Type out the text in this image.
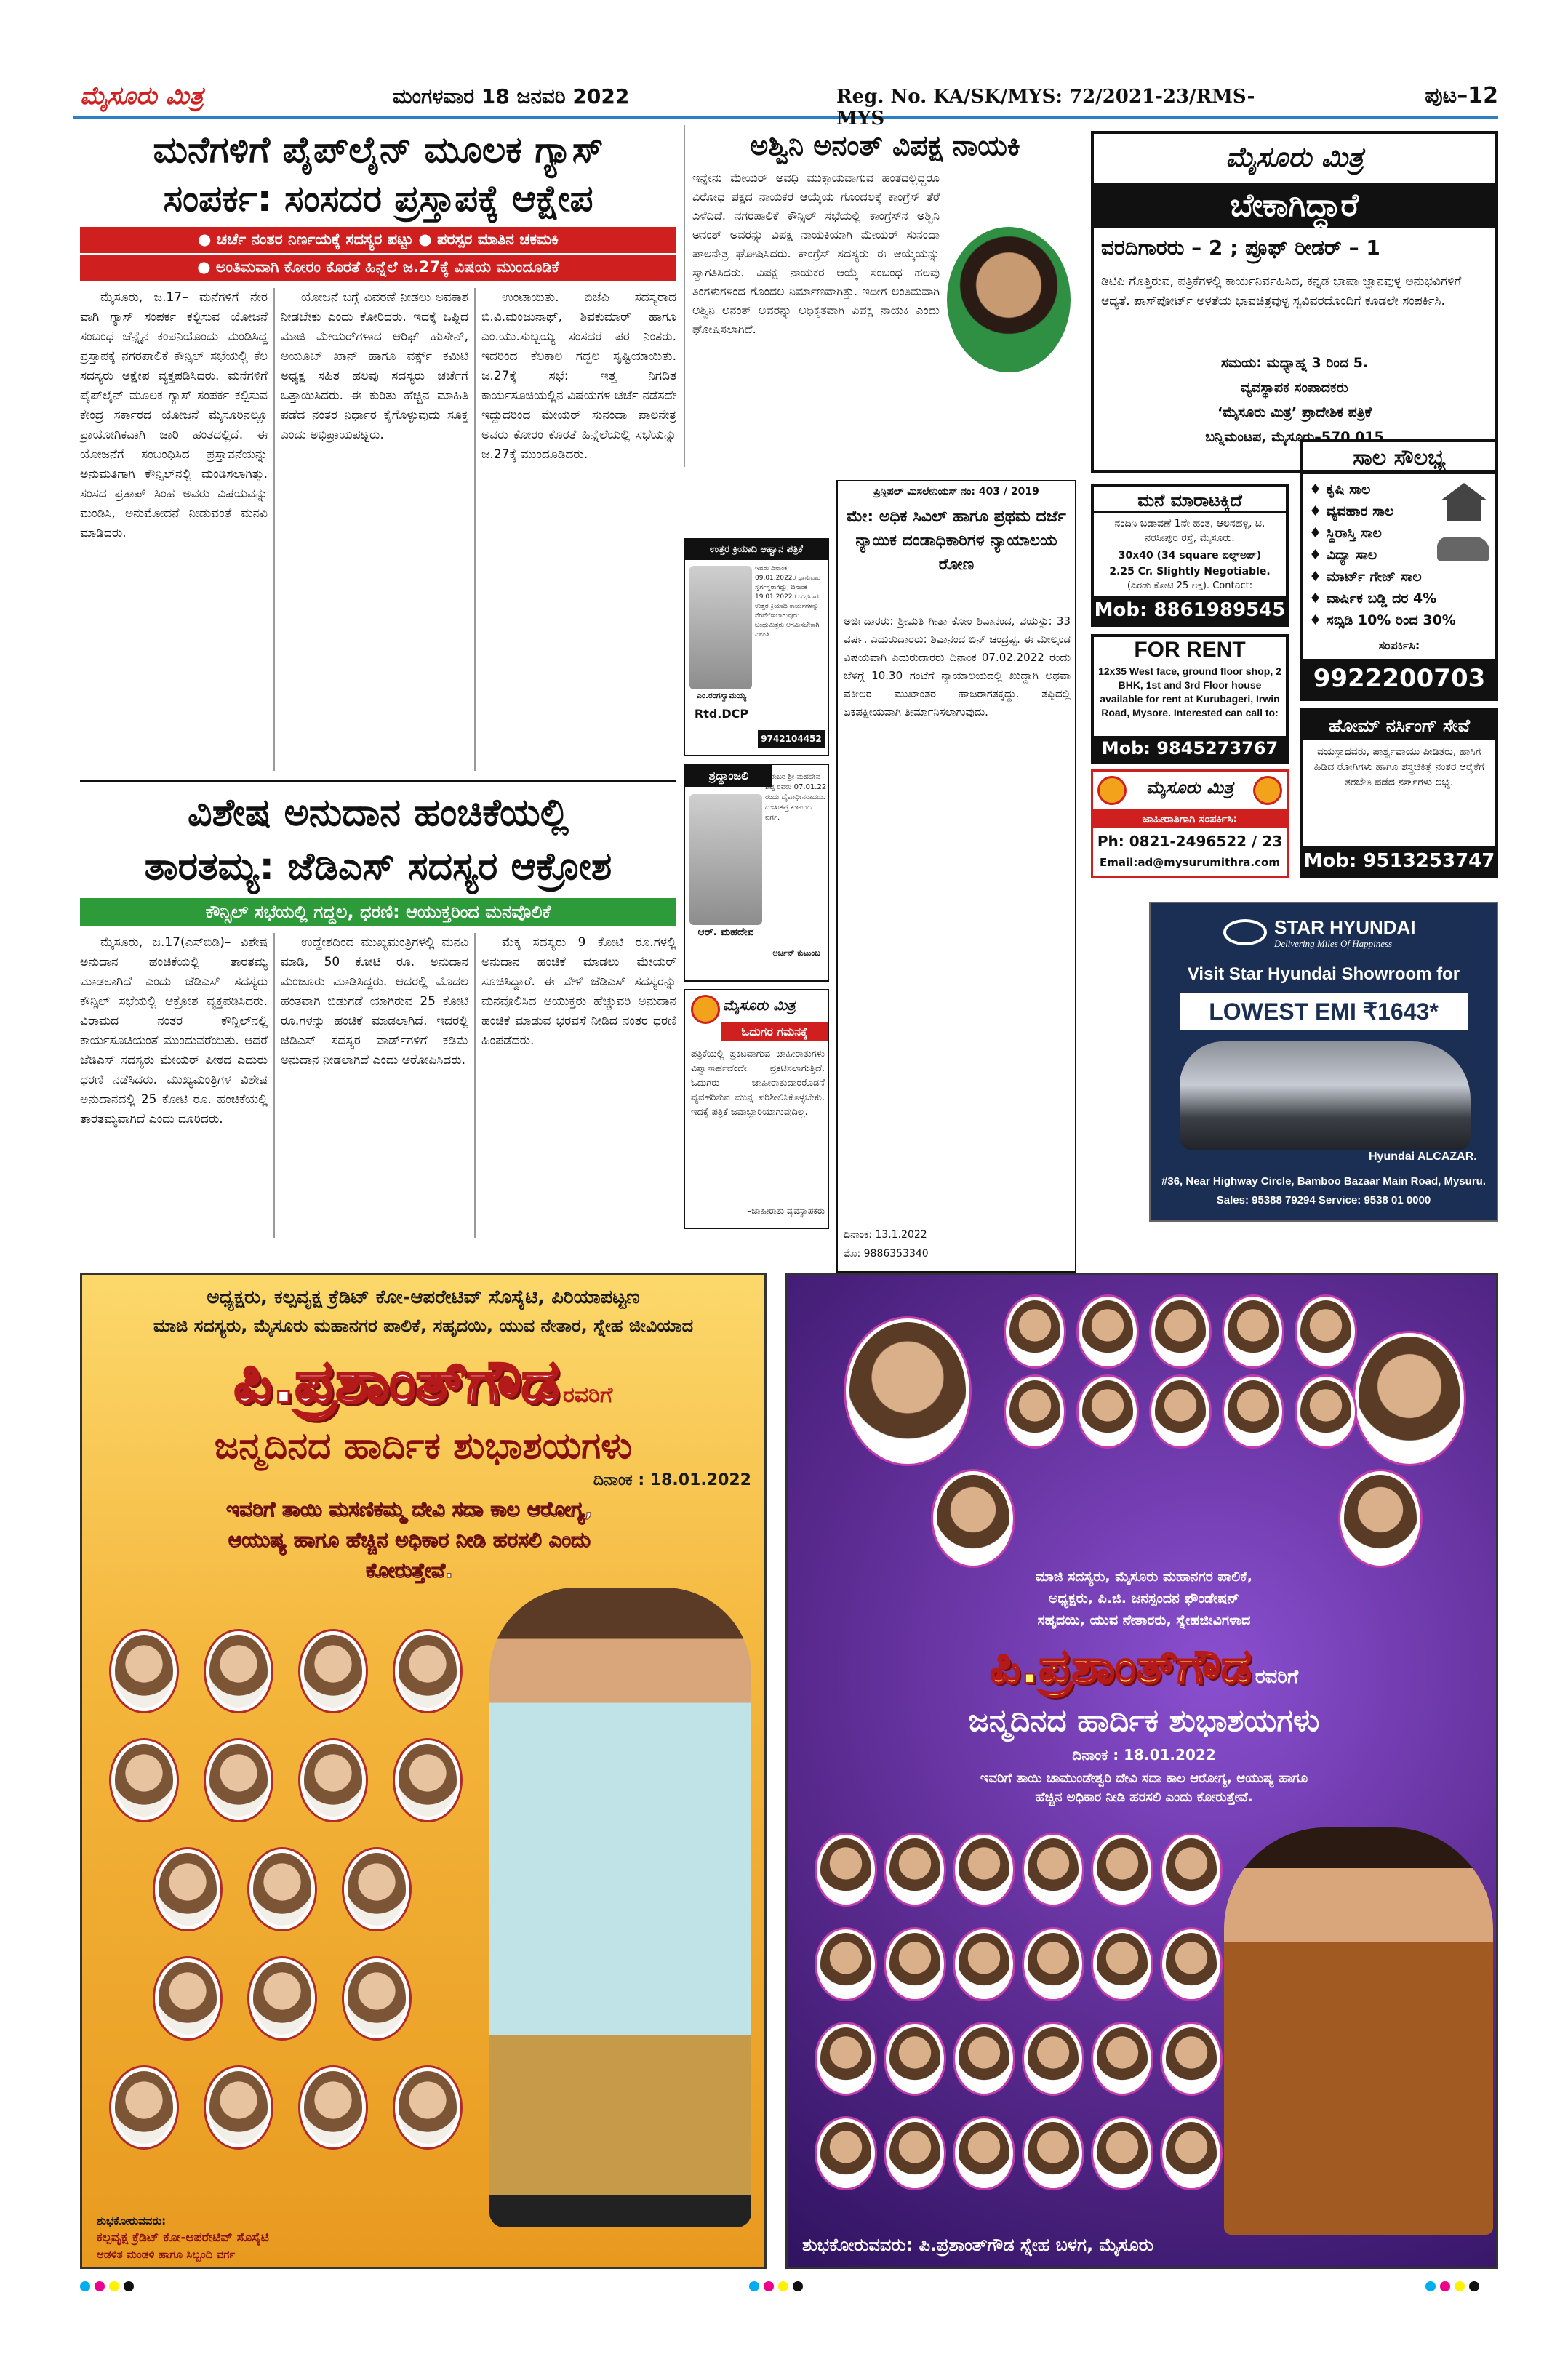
ಮೈಸೂರು ಮಿತ್ರ	ಮಂಗಳವಾರ 18 ಜನವರಿ 2022	Reg. No. KA/SK/MYS: 72/2021-23/RMS-MYS
ಪುಟ–12
ಮನೆಗಳಿಗೆ ಪೈಪ್‌ಲೈನ್ ಮೂಲಕ ಗ್ಯಾಸ್
ಸಂಪರ್ಕ: ಸಂಸದರ ಪ್ರಸ್ತಾಪಕ್ಕೆ ಆಕ್ಷೇಪ
● ಚರ್ಚೆ ನಂತರ ನಿರ್ಣಯಕ್ಕೆ ಸದಸ್ಯರ ಪಟ್ಟು ● ಪರಸ್ಪರ ಮಾತಿನ ಚಕಮಕಿ
● ಅಂತಿಮವಾಗಿ ಕೋರಂ ಕೊರತೆ ಹಿನ್ನೆಲೆ ಜ.27ಕ್ಕೆ ವಿಷಯ ಮುಂದೂಡಿಕೆ

ಮೈಸೂರು, ಜ.17– ಮನೆಗಳಿಗೆ ನೇರ ವಾಗಿ ಗ್ಯಾಸ್ ಸಂಪರ್ಕ ಕಲ್ಪಿಸುವ ಯೋಜನೆ ಸಂಬಂಧ ಚೆನ್ನೈನ ಕಂಪನಿಯೊಂದು ಮಂಡಿಸಿದ್ದ ಪ್ರಸ್ತಾಪಕ್ಕೆ ನಗರಪಾಲಿಕೆ ಕೌನ್ಸಿಲ್ ಸಭೆಯಲ್ಲಿ ಕೆಲ ಸದಸ್ಯರು ಆಕ್ಷೇಪ ವ್ಯಕ್ತಪಡಿಸಿದರು. ಮನೆಗಳಿಗೆ ಪೈಪ್‌ಲೈನ್ ಮೂಲಕ ಗ್ಯಾಸ್ ಸಂಪರ್ಕ ಕಲ್ಪಿಸುವ ಕೇಂದ್ರ ಸರ್ಕಾರದ ಯೋಜನೆ ಮೈಸೂರಿನಲ್ಲೂ ಪ್ರಾಯೋಗಿಕವಾಗಿ ಜಾರಿ ಹಂತದಲ್ಲಿದೆ. ಈ ಯೋಜನೆಗೆ ಸಂಬಂಧಿಸಿದ ಪ್ರಸ್ತಾವನೆಯನ್ನು ಅನುಮತಿಗಾಗಿ ಕೌನ್ಸಿಲ್‌ನಲ್ಲಿ ಮಂಡಿಸಲಾಗಿತ್ತು. ಸಂಸದ ಪ್ರತಾಪ್ ಸಿಂಹ ಅವರು ವಿಷಯವನ್ನು ಮಂಡಿಸಿ, ಅನುಮೋದನೆ ನೀಡುವಂತೆ ಮನವಿ ಮಾಡಿದರು.

ಯೋಜನೆ ಬಗ್ಗೆ ವಿವರಣೆ ನೀಡಲು ಅವಕಾಶ ನೀಡಬೇಕು ಎಂದು ಕೋರಿದರು. ಇದಕ್ಕೆ ಒಪ್ಪಿದ ಮಾಜಿ ಮೇಯರ್‌ಗಳಾದ ಆರಿಫ್ ಹುಸೇನ್, ಅಯೂಬ್ ಖಾನ್ ಹಾಗೂ ವರ್ಕ್ಸ್ ಕಮಿಟಿ ಅಧ್ಯಕ್ಷ ಸಹಿತ ಹಲವು ಸದಸ್ಯರು ಚರ್ಚೆಗೆ ಒತ್ತಾಯಿಸಿದರು. ಈ ಕುರಿತು ಹೆಚ್ಚಿನ ಮಾಹಿತಿ ಪಡೆದ ನಂತರ ನಿರ್ಧಾರ ಕೈಗೊಳ್ಳುವುದು ಸೂಕ್ತ ಎಂದು ಅಭಿಪ್ರಾಯಪಟ್ಟರು.

ಉಂಟಾಯಿತು. ಬಿಜೆಪಿ ಸದಸ್ಯರಾದ ಬಿ.ವಿ.ಮಂಜುನಾಥ್, ಶಿವಕುಮಾರ್ ಹಾಗೂ ಎಂ.ಯು.ಸುಬ್ಬಯ್ಯ ಸಂಸದರ ಪರ ನಿಂತರು. ಇದರಿಂದ ಕೆಲಕಾಲ ಗದ್ದಲ ಸೃಷ್ಟಿಯಾಯಿತು. ಜ.27ಕ್ಕೆ ಸಭೆ: ಇತ್ತ ನಿಗದಿತ ಕಾರ್ಯಸೂಚಿಯಲ್ಲಿನ ವಿಷಯಗಳ ಚರ್ಚೆ ನಡೆಸದೇ ಇದ್ದುದರಿಂದ ಮೇಯರ್ ಸುನಂದಾ ಪಾಲನೇತ್ರ ಅವರು ಕೋರಂ ಕೊರತೆ ಹಿನ್ನೆಲೆಯಲ್ಲಿ ಸಭೆಯನ್ನು ಜ.27ಕ್ಕೆ ಮುಂದೂಡಿದರು.

ವಿಶೇಷ ಅನುದಾನ ಹಂಚಿಕೆಯಲ್ಲಿ
ತಾರತಮ್ಯ: ಜೆಡಿಎಸ್ ಸದಸ್ಯರ ಆಕ್ರೋಶ
ಕೌನ್ಸಿಲ್ ಸಭೆಯಲ್ಲಿ ಗದ್ದಲ, ಧರಣಿ: ಆಯುಕ್ತರಿಂದ ಮನವೊಲಿಕೆ

ಮೈಸೂರು, ಜ.17(ಎಸ್‌ಬಿಡಿ)– ವಿಶೇಷ ಅನುದಾನ ಹಂಚಿಕೆಯಲ್ಲಿ ತಾರತಮ್ಯ ಮಾಡಲಾಗಿದೆ ಎಂದು ಜೆಡಿಎಸ್ ಸದಸ್ಯರು ಕೌನ್ಸಿಲ್ ಸಭೆಯಲ್ಲಿ ಆಕ್ರೋಶ ವ್ಯಕ್ತಪಡಿಸಿದರು. ವಿರಾಮದ ನಂತರ ಕೌನ್ಸಿಲ್‌ನಲ್ಲಿ ಕಾರ್ಯಸೂಚಿಯಂತೆ ಮುಂದುವರೆಯಿತು. ಆದರೆ ಜೆಡಿಎಸ್ ಸದಸ್ಯರು ಮೇಯರ್ ಪೀಠದ ಎದುರು ಧರಣಿ ನಡೆಸಿದರು. ಮುಖ್ಯಮಂತ್ರಿಗಳ ವಿಶೇಷ ಅನುದಾನದಲ್ಲಿ 25 ಕೋಟಿ ರೂ. ಹಂಚಿಕೆಯಲ್ಲಿ ತಾರತಮ್ಯವಾಗಿದೆ ಎಂದು ದೂರಿದರು.

ಉದ್ದೇಶದಿಂದ ಮುಖ್ಯಮಂತ್ರಿಗಳಲ್ಲಿ ಮನವಿ ಮಾಡಿ, 50 ಕೋಟಿ ರೂ. ಅನುದಾನ ಮಂಜೂರು ಮಾಡಿಸಿದ್ದರು. ಆದರಲ್ಲಿ ಮೊದಲ ಹಂತವಾಗಿ ಬಿಡುಗಡೆ ಯಾಗಿರುವ 25 ಕೋಟಿ ರೂ.ಗಳನ್ನು ಹಂಚಿಕೆ ಮಾಡಲಾಗಿದೆ. ಇದರಲ್ಲಿ ಜೆಡಿಎಸ್ ಸದಸ್ಯರ ವಾರ್ಡ್‌ಗಳಿಗೆ ಕಡಿಮೆ ಅನುದಾನ ನೀಡಲಾಗಿದೆ ಎಂದು ಆರೋಪಿಸಿದರು.

ಮೆಕ್ಕ ಸದಸ್ಯರು 9 ಕೋಟಿ ರೂ.ಗಳಲ್ಲಿ ಅನುದಾನ ಹಂಚಿಕೆ ಮಾಡಲು ಮೇಯರ್ ಸೂಚಿಸಿದ್ದಾರೆ. ಈ ವೇಳೆ ಜೆಡಿಎಸ್ ಸದಸ್ಯರನ್ನು ಮನವೊಲಿಸಿದ ಆಯುಕ್ತರು ಹೆಚ್ಚುವರಿ ಅನುದಾನ ಹಂಚಿಕೆ ಮಾಡುವ ಭರವಸೆ ನೀಡಿದ ನಂತರ ಧರಣಿ ಹಿಂಪಡೆದರು.

ಅಶ್ವಿನಿ ಅನಂತ್ ವಿಪಕ್ಷ ನಾಯಕಿ
ಇನ್ನೇನು ಮೇಯರ್ ಅವಧಿ ಮುಕ್ತಾಯವಾಗುವ ಹಂತದಲ್ಲಿದ್ದರೂ ವಿರೋಧ ಪಕ್ಷದ ನಾಯಕರ ಆಯ್ಕೆಯ ಗೊಂದಲಕ್ಕೆ ಕಾಂಗ್ರೆಸ್ ತೆರೆ ಎಳೆದಿದೆ. ನಗರಪಾಲಿಕೆ ಕೌನ್ಸಿಲ್ ಸಭೆಯಲ್ಲಿ ಕಾಂಗ್ರೆಸ್‌ನ ಅಶ್ವಿನಿ ಅನಂತ್ ಅವರನ್ನು ವಿಪಕ್ಷ ನಾಯಕಿಯಾಗಿ ಮೇಯರ್ ಸುನಂದಾ ಪಾಲನೇತ್ರ ಘೋಷಿಸಿದರು. ಕಾಂಗ್ರೆಸ್ ಸದಸ್ಯರು ಈ ಆಯ್ಕೆಯನ್ನು ಸ್ವಾಗತಿಸಿದರು. ವಿಪಕ್ಷ ನಾಯಕರ ಆಯ್ಕೆ ಸಂಬಂಧ ಹಲವು ತಿಂಗಳುಗಳಿಂದ ಗೊಂದಲ ನಿರ್ಮಾಣವಾಗಿತ್ತು. ಇದೀಗ ಅಂತಿಮವಾಗಿ ಅಶ್ವಿನಿ ಅನಂತ್ ಅವರನ್ನು ಅಧಿಕೃತವಾಗಿ ವಿಪಕ್ಷ ನಾಯಕಿ ಎಂದು ಘೋಷಿಸಲಾಗಿದೆ.
ಮೈಸೂರು ಮಿತ್ರ
ಬೇಕಾಗಿದ್ದಾರೆ
ವರದಿಗಾರರು – 2 ; ಪ್ರೂಫ್ ರೀಡರ್ – 1
ಡಿಟಿಪಿ ಗೊತ್ತಿರುವ, ಪತ್ರಿಕೆಗಳಲ್ಲಿ ಕಾರ್ಯನಿರ್ವಹಿಸಿದ, ಕನ್ನಡ ಭಾಷಾ ಜ್ಞಾನವುಳ್ಳ ಅನುಭವಿಗಳಿಗೆ ಆದ್ಯತೆ. ಪಾಸ್‌ಪೋರ್ಟ್ ಅಳತೆಯ ಭಾವಚಿತ್ರವುಳ್ಳ ಸ್ವವಿವರದೊಂದಿಗೆ ಕೂಡಲೇ ಸಂಪರ್ಕಿಸಿ.
ಸಮಯ: ಮಧ್ಯಾಹ್ನ 3 ರಿಂದ 5.
ವ್ಯವಸ್ಥಾಪಕ ಸಂಪಾದಕರು
‘ಮೈಸೂರು ಮಿತ್ರ’ ಪ್ರಾದೇಶಿಕ ಪತ್ರಿಕೆ
ಬನ್ನಿಮಂಟಪ, ಮೈಸೂರು–570 015
ಮನೆ ಮಾರಾಟಕ್ಕಿದೆ
ನಂದಿನಿ ಬಡಾವಣೆ 1ನೇ ಹಂತ, ಆಲನಹಳ್ಳಿ, ಟಿ. ನರಸೀಪುರ ರಸ್ತೆ, ಮೈಸೂರು.
30x40 (34 square ಬಿಲ್ಡ್‌ಅಪ್)
2.25 Cr. Slightly Negotiable.
(ಎರಡು ಕೋಟಿ 25 ಲಕ್ಷ). Contact:
Mob: 8861989545
ಸಾಲ ಸೌಲಭ್ಯ
♦ ಕೃಷಿ ಸಾಲ
♦ ವ್ಯವಹಾರ ಸಾಲ
♦ ಸ್ಥಿರಾಸ್ತಿ ಸಾಲ
♦ ವಿದ್ಯಾ ಸಾಲ
♦ ಮಾರ್ಟ್ ಗೇಜ್ ಸಾಲ
♦ ವಾರ್ಷಿಕ ಬಡ್ಡಿ ದರ 4%
♦ ಸಬ್ಸಿಡಿ 10% ರಿಂದ 30%
ಸಂಪರ್ಕಿಸಿ:
9922200703
FOR RENT
12x35 West face, ground floor shop, 2 BHK, 1st and 3rd Floor house available for rent at Kurubageri, Irwin Road, Mysore. Interested can call to:
Mob: 9845273767
ಮೈಸೂರು ಮಿತ್ರ
ಜಾಹೀರಾತಿಗಾಗಿ ಸಂಪರ್ಕಿಸಿ:
Ph: 0821-2496522 / 23
Email:ad@mysurumithra.com
ಹೋಮ್ ನರ್ಸಿಂಗ್ ಸೇವೆ
ವಯಸ್ಸಾದವರು, ಪಾರ್ಶ್ವವಾಯು ಪೀಡಿತರು, ಹಾಸಿಗೆ ಹಿಡಿದ ರೋಗಿಗಳು ಹಾಗೂ ಶಸ್ತ್ರಚಿಕಿತ್ಸೆ ನಂತರ ಆರೈಕೆಗೆ ತರಬೇತಿ ಪಡೆದ ನರ್ಸ್‌ಗಳು ಲಭ್ಯ.
Mob: 9513253747
STAR HYUNDAI
Delivering Miles Of Happiness
Visit Star Hyundai Showroom for
LOWEST EMI ₹1643*
Hyundai ALCAZAR.
#36, Near Highway Circle, Bamboo Bazaar Main Road, Mysuru.
Sales: 95388 79294 Service: 9538 01 0000
ಪ್ರಿನ್ಸಿಪಲ್ ಮಿಸಲೇನಿಯಸ್ ನಂ: 403 / 2019
ಮೇ: ಅಧಿಕ ಸಿವಿಲ್ ಹಾಗೂ ಪ್ರಥಮ ದರ್ಜೆ ನ್ಯಾಯಿಕ ದಂಡಾಧಿಕಾರಿಗಳ ನ್ಯಾಯಾಲಯ ರೋಣ
ಅರ್ಜಿದಾರರು: ಶ್ರೀಮತಿ ಗೀತಾ ಕೋಂ ಶಿವಾನಂದ, ವಯಸ್ಸು: 33 ವರ್ಷ. ಎದುರುದಾರರು: ಶಿವಾನಂದ ಬಿನ್ ಚಂದ್ರಪ್ಪ. ಈ ಮೇಲ್ಕಂಡ ವಿಷಯವಾಗಿ ಎದುರುದಾರರು ದಿನಾಂಕ 07.02.2022 ರಂದು ಬೆಳಿಗ್ಗೆ 10.30 ಗಂಟೆಗೆ ನ್ಯಾಯಾಲಯದಲ್ಲಿ ಖುದ್ದಾಗಿ ಅಥವಾ ವಕೀಲರ ಮುಖಾಂತರ ಹಾಜರಾಗತಕ್ಕದ್ದು. ತಪ್ಪಿದಲ್ಲಿ ಏಕಪಕ್ಷೀಯವಾಗಿ ತೀರ್ಮಾನಿಸಲಾಗುವುದು.
ದಿನಾಂಕ: 13.1.2022
ಮೊ: 9886353340
ಉತ್ತರ ಕ್ರಿಯಾದಿ ಆಹ್ವಾನ ಪತ್ರಿಕೆ
ಇವರು ದಿನಾಂಕ 09.01.2022ರ ಭಾನುವಾರ ಸ್ವರ್ಗಸ್ಥರಾಗಿದ್ದು, ದಿನಾಂಕ 19.01.2022ರ ಬುಧವಾರ ಉತ್ತರ ಕ್ರಿಯಾದಿ ಕಾರ್ಯಗಳನ್ನು ನೆರವೇರಿಸಲಾಗುವುದು. ಬಂಧುಮಿತ್ರರು ಆಗಮಿಸಬೇಕಾಗಿ ವಿನಂತಿ.
ಎಂ.ರಂಗಸ್ವಾಮಯ್ಯ
Rtd.DCP
9742104452
ಶ್ರದ್ಧಾಂಜಲಿ	ಕುರುಬರ ಶ್ರೀ ಮಹದೇವ ಶೆಟ್ಟಿ ರವರು 07.01.22 ರಂದು ದೈವಾಧೀನರಾದರು. ದುಃಖತಪ್ತ ಕುಟುಂಬ ವರ್ಗ.
ಆರ್. ಮಹದೇವ
ಅರ್ಜನ್ ಕುಟುಂಬ
ಮೈಸೂರು ಮಿತ್ರ
ಓದುಗರ ಗಮನಕ್ಕೆ
ಪತ್ರಿಕೆಯಲ್ಲಿ ಪ್ರಕಟವಾಗುವ ಜಾಹೀರಾತುಗಳು ವಿಶ್ವಾಸಾರ್ಹವೆಂದೇ ಪ್ರಕಟಿಸಲಾಗುತ್ತಿದೆ. ಓದುಗರು ಜಾಹೀರಾತುದಾರರೊಡನೆ ವ್ಯವಹರಿಸುವ ಮುನ್ನ ಪರಿಶೀಲಿಸಿಕೊಳ್ಳಬೇಕು. ಇದಕ್ಕೆ ಪತ್ರಿಕೆ ಜವಾಬ್ದಾರಿಯಾಗುವುದಿಲ್ಲ.
–ಜಾಹೀರಾತು ವ್ಯವಸ್ಥಾಪಕರು
ಅಧ್ಯಕ್ಷರು, ಕಲ್ಪವೃಕ್ಷ ಕ್ರೆಡಿಟ್ ಕೋ-ಆಪರೇಟಿವ್ ಸೊಸೈಟಿ, ಪಿರಿಯಾಪಟ್ಟಣ
ಮಾಜಿ ಸದಸ್ಯರು, ಮೈಸೂರು ಮಹಾನಗರ ಪಾಲಿಕೆ, ಸಹೃದಯಿ, ಯುವ ನೇತಾರ, ಸ್ನೇಹ ಜೀವಿಯಾದ
ಪಿ.ಪ್ರಶಾಂತ್‌ಗೌಡ ರವರಿಗೆ
ಜನ್ಮದಿನದ ಹಾರ್ದಿಕ ಶುಭಾಶಯಗಳು
ದಿನಾಂಕ : 18.01.2022
ಇವರಿಗೆ ತಾಯಿ ಮಸಣಿಕಮ್ಮ ದೇವಿ ಸದಾ ಕಾಲ ಆರೋಗ್ಯ, ಆಯುಷ್ಯ ಹಾಗೂ ಹೆಚ್ಚಿನ ಅಧಿಕಾರ ನೀಡಿ ಹರಸಲಿ ಎಂದು ಕೋರುತ್ತೇವೆ.
ಶುಭಕೋರುವವರು:
ಕಲ್ಪವೃಕ್ಷ ಕ್ರೆಡಿಟ್ ಕೋ-ಆಪರೇಟಿವ್ ಸೊಸೈಟಿ
ಆಡಳಿತ ಮಂಡಳಿ ಹಾಗೂ ಸಿಬ್ಬಂದಿ ವರ್ಗ
ಮಾಜಿ ಸದಸ್ಯರು, ಮೈಸೂರು ಮಹಾನಗರ ಪಾಲಿಕೆ,
ಅಧ್ಯಕ್ಷರು, ಪಿ.ಜಿ. ಜನಸ್ಪಂದನ ಫೌಂಡೇಷನ್
ಸಹೃದಯಿ, ಯುವ ನೇತಾರರು, ಸ್ನೇಹಜೀವಿಗಳಾದ
ಪಿ.ಪ್ರಶಾಂತ್‌ಗೌಡ ರವರಿಗೆ
ಜನ್ಮದಿನದ ಹಾರ್ದಿಕ ಶುಭಾಶಯಗಳು
ದಿನಾಂಕ : 18.01.2022
ಇವರಿಗೆ ತಾಯಿ ಚಾಮುಂಡೇಶ್ವರಿ ದೇವಿ ಸದಾ ಕಾಲ ಆರೋಗ್ಯ, ಆಯುಷ್ಯ ಹಾಗೂ ಹೆಚ್ಚಿನ ಅಧಿಕಾರ ನೀಡಿ ಹರಸಲಿ ಎಂದು ಕೋರುತ್ತೇವೆ.
ಶುಭಕೋರುವವರು: ಪಿ.ಪ್ರಶಾಂತ್‌ಗೌಡ ಸ್ನೇಹ ಬಳಗ, ಮೈಸೂರು
